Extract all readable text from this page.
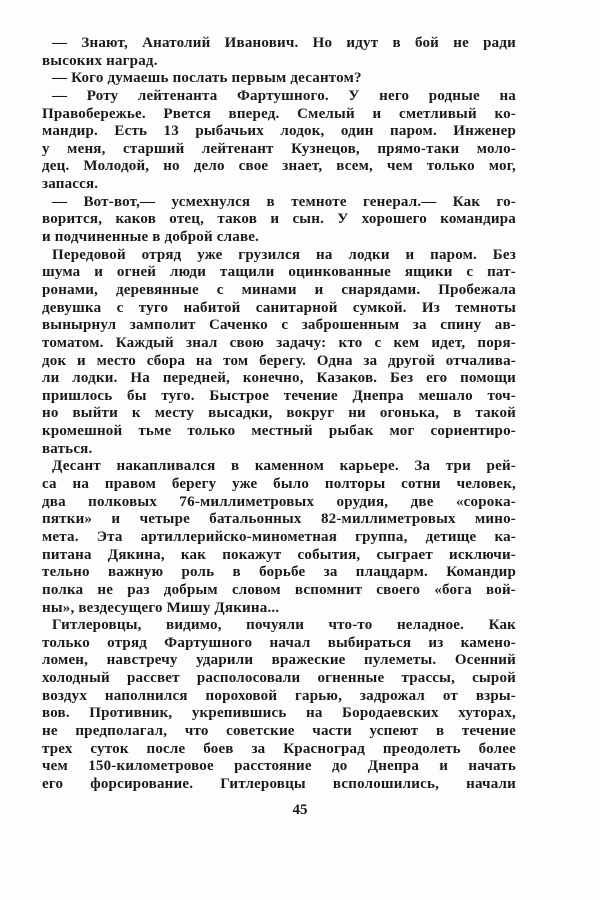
— Знают, Анатолий Иванович. Но идут в бой не ради
высоких наград.
— Кого думаешь послать первым десантом?
— Роту лейтенанта Фартушного. У него родные на
Правобережье. Рвется вперед. Смелый и сметливый ко-
мандир. Есть 13 рыбачьих лодок, один паром. Инженер
у меня, старший лейтенант Кузнецов, прямо-таки моло-
дец. Молодой, но дело свое знает, всем, чем только мог,
запасся.
— Вот-вот,— усмехнулся в темноте генерал.— Как го-
ворится, каков отец, таков и сын. У хорошего командира
и подчиненные в доброй славе.
Передовой отряд уже грузился на лодки и паром. Без
шума и огней люди тащили оцинкованные ящики с пат-
ронами, деревянные с минами и снарядами. Пробежала
девушка с туго набитой санитарной сумкой. Из темноты
вынырнул замполит Саченко с заброшенным за спину ав-
томатом. Каждый знал свою задачу: кто с кем идет, поря-
док и место сбора на том берегу. Одна за другой отчалива-
ли лодки. На передней, конечно, Казаков. Без его помощи
пришлось бы туго. Быстрое течение Днепра мешало точ-
но выйти к месту высадки, вокруг ни огонька, в такой
кромешной тьме только местный рыбак мог сориентиро-
ваться.
Десант накапливался в каменном карьере. За три рей-
са на правом берегу уже было полторы сотни человек,
два полковых 76-миллиметровых орудия, две «сорока-
пятки» и четыре батальонных 82-миллиметровых мино-
мета. Эта артиллерийско-минометная группа, детище ка-
питана Дякина, как покажут события, сыграет исключи-
тельно важную роль в борьбе за плацдарм. Командир
полка не раз добрым словом вспомнит своего «бога вой-
ны», вездесущего Мишу Дякина...
Гитлеровцы, видимо, почуяли что-то неладное. Как
только отряд Фартушного начал выбираться из камено-
ломен, навстречу ударили вражеские пулеметы. Осенний
холодный рассвет располосовали огненные трассы, сырой
воздух наполнился пороховой гарью, задрожал от взры-
вов. Противник, укрепившись на Бородаевских хуторах,
не предполагал, что советские части успеют в течение
трех суток после боев за Красноград преодолеть более
чем 150-километровое расстояние до Днепра и начать
его форсирование. Гитлеровцы всполошились, начали
45
